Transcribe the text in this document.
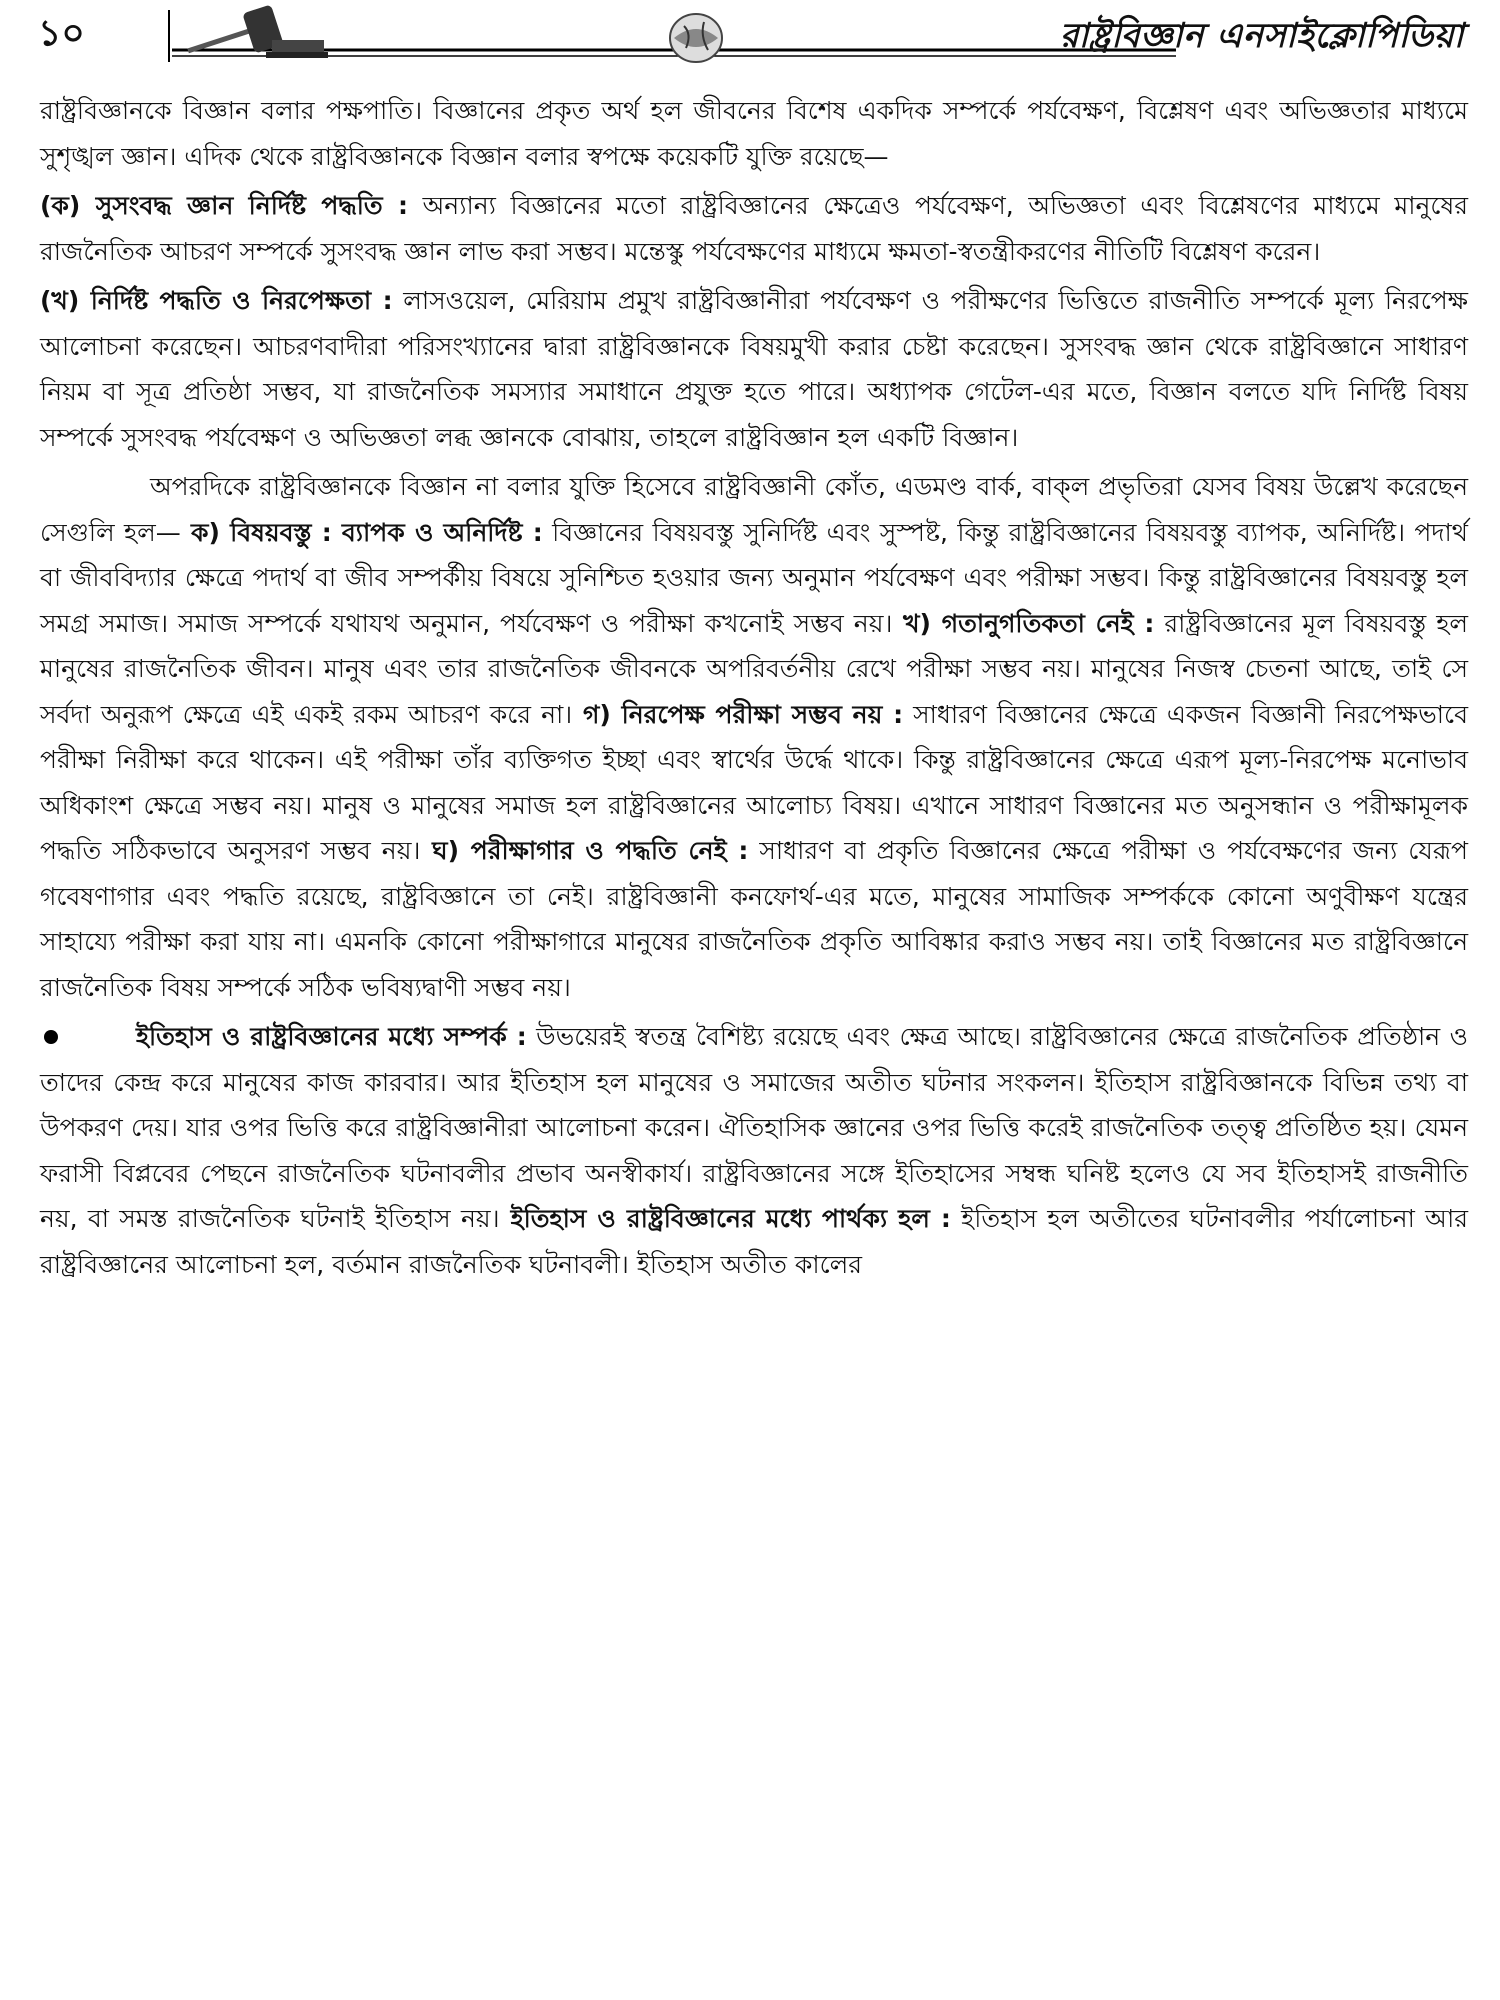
১০	রাষ্ট্রবিজ্ঞান এনসাইক্লোপিডিয়া

রাষ্ট্রবিজ্ঞানকে বিজ্ঞান বলার পক্ষপাতি। বিজ্ঞানের প্রকৃত অর্থ হল জীবনের বিশেষ একদিক সম্পর্কে পর্যবেক্ষণ, বিশ্লেষণ এবং অভিজ্ঞতার মাধ্যমে সুশৃঙ্খল জ্ঞান। এদিক থেকে রাষ্ট্রবিজ্ঞানকে বিজ্ঞান বলার স্বপক্ষে কয়েকটি যুক্তি রয়েছে—

(ক) সুসংবদ্ধ জ্ঞান নির্দিষ্ট পদ্ধতি : অন্যান্য বিজ্ঞানের মতো রাষ্ট্রবিজ্ঞানের ক্ষেত্রেও পর্যবেক্ষণ, অভিজ্ঞতা এবং বিশ্লেষণের মাধ্যমে মানুষের রাজনৈতিক আচরণ সম্পর্কে সুসংবদ্ধ জ্ঞান লাভ করা সম্ভব। মন্তেস্কু পর্যবেক্ষণের মাধ্যমে ক্ষমতা-স্বতন্ত্রীকরণের নীতিটি বিশ্লেষণ করেন।

(খ) নির্দিষ্ট পদ্ধতি ও নিরপেক্ষতা : লাসওয়েল, মেরিয়াম প্রমুখ রাষ্ট্রবিজ্ঞানীরা পর্যবেক্ষণ ও পরীক্ষণের ভিত্তিতে রাজনীতি সম্পর্কে মূল্য নিরপেক্ষ আলোচনা করেছেন। আচরণবাদীরা পরিসংখ্যানের দ্বারা রাষ্ট্রবিজ্ঞানকে বিষয়মুখী করার চেষ্টা করেছেন। সুসংবদ্ধ জ্ঞান থেকে রাষ্ট্রবিজ্ঞানে সাধারণ নিয়ম বা সূত্র প্রতিষ্ঠা সম্ভব, যা রাজনৈতিক সমস্যার সমাধানে প্রযুক্ত হতে পারে। অধ্যাপক গেটেল-এর মতে, বিজ্ঞান বলতে যদি নির্দিষ্ট বিষয় সম্পর্কে সুসংবদ্ধ পর্যবেক্ষণ ও অভিজ্ঞতা লব্ধ জ্ঞানকে বোঝায়, তাহলে রাষ্ট্রবিজ্ঞান হল একটি বিজ্ঞান।

অপরদিকে রাষ্ট্রবিজ্ঞানকে বিজ্ঞান না বলার যুক্তি হিসেবে রাষ্ট্রবিজ্ঞানী কোঁত, এডমণ্ড বার্ক, বাক্‌ল প্রভৃতিরা যেসব বিষয় উল্লেখ করেছেন সেগুলি হল— ক) বিষয়বস্তু : ব্যাপক ও অনির্দিষ্ট : বিজ্ঞানের বিষয়বস্তু সুনির্দিষ্ট এবং সুস্পষ্ট, কিন্তু রাষ্ট্রবিজ্ঞানের বিষয়বস্তু ব্যাপক, অনির্দিষ্ট। পদার্থ বা জীববিদ্যার ক্ষেত্রে পদার্থ বা জীব সম্পর্কীয় বিষয়ে সুনিশ্চিত হওয়ার জন্য অনুমান পর্যবেক্ষণ এবং পরীক্ষা সম্ভব। কিন্তু রাষ্ট্রবিজ্ঞানের বিষয়বস্তু হল সমগ্র সমাজ। সমাজ সম্পর্কে যথাযথ অনুমান, পর্যবেক্ষণ ও পরীক্ষা কখনোই সম্ভব নয়। খ) গতানুগতিকতা নেই : রাষ্ট্রবিজ্ঞানের মূল বিষয়বস্তু হল মানুষের রাজনৈতিক জীবন। মানুষ এবং তার রাজনৈতিক জীবনকে অপরিবর্তনীয় রেখে পরীক্ষা সম্ভব নয়। মানুষের নিজস্ব চেতনা আছে, তাই সে সর্বদা অনুরূপ ক্ষেত্রে এই একই রকম আচরণ করে না। গ) নিরপেক্ষ পরীক্ষা সম্ভব নয় : সাধারণ বিজ্ঞানের ক্ষেত্রে একজন বিজ্ঞানী নিরপেক্ষভাবে পরীক্ষা নিরীক্ষা করে থাকেন। এই পরীক্ষা তাঁর ব্যক্তিগত ইচ্ছা এবং স্বার্থের উর্দ্ধে থাকে। কিন্তু রাষ্ট্রবিজ্ঞানের ক্ষেত্রে এরূপ মূল্য-নিরপেক্ষ মনোভাব অধিকাংশ ক্ষেত্রে সম্ভব নয়। মানুষ ও মানুষের সমাজ হল রাষ্ট্রবিজ্ঞানের আলোচ্য বিষয়। এখানে সাধারণ বিজ্ঞানের মত অনুসন্ধান ও পরীক্ষামূলক পদ্ধতি সঠিকভাবে অনুসরণ সম্ভব নয়। ঘ) পরীক্ষাগার ও পদ্ধতি নেই : সাধারণ বা প্রকৃতি বিজ্ঞানের ক্ষেত্রে পরীক্ষা ও পর্যবেক্ষণের জন্য যেরূপ গবেষণাগার এবং পদ্ধতি রয়েছে, রাষ্ট্রবিজ্ঞানে তা নেই। রাষ্ট্রবিজ্ঞানী কনফোর্থ-এর মতে, মানুষের সামাজিক সম্পর্ককে কোনো অণুবীক্ষণ যন্ত্রের সাহায্যে পরীক্ষা করা যায় না। এমনকি কোনো পরীক্ষাগারে মানুষের রাজনৈতিক প্রকৃতি আবিষ্কার করাও সম্ভব নয়। তাই বিজ্ঞানের মত রাষ্ট্রবিজ্ঞানে রাজনৈতিক বিষয় সম্পর্কে সঠিক ভবিষ্যদ্বাণী সম্ভব নয়।

ইতিহাস ও রাষ্ট্রবিজ্ঞানের মধ্যে সম্পর্ক : উভয়েরই স্বতন্ত্র বৈশিষ্ট্য রয়েছে এবং ক্ষেত্র আছে। রাষ্ট্রবিজ্ঞানের ক্ষেত্রে রাজনৈতিক প্রতিষ্ঠান ও তাদের কেন্দ্র করে মানুষের কাজ কারবার। আর ইতিহাস হল মানুষের ও সমাজের অতীত ঘটনার সংকলন। ইতিহাস রাষ্ট্রবিজ্ঞানকে বিভিন্ন তথ্য বা উপকরণ দেয়। যার ওপর ভিত্তি করে রাষ্ট্রবিজ্ঞানীরা আলোচনা করেন। ঐতিহাসিক জ্ঞানের ওপর ভিত্তি করেই রাজনৈতিক তত্ত্ব প্রতিষ্ঠিত হয়। যেমন ফরাসী বিপ্লবের পেছনে রাজনৈতিক ঘটনাবলীর প্রভাব অনস্বীকার্য। রাষ্ট্রবিজ্ঞানের সঙ্গে ইতিহাসের সম্বন্ধ ঘনিষ্ট হলেও যে সব ইতিহাসই রাজনীতি নয়, বা সমস্ত রাজনৈতিক ঘটনাই ইতিহাস নয়। ইতিহাস ও রাষ্ট্রবিজ্ঞানের মধ্যে পার্থক্য হল : ইতিহাস হল অতীতের ঘটনাবলীর পর্যালোচনা আর রাষ্ট্রবিজ্ঞানের আলোচনা হল, বর্তমান রাজনৈতিক ঘটনাবলী। ইতিহাস অতীত কালের
